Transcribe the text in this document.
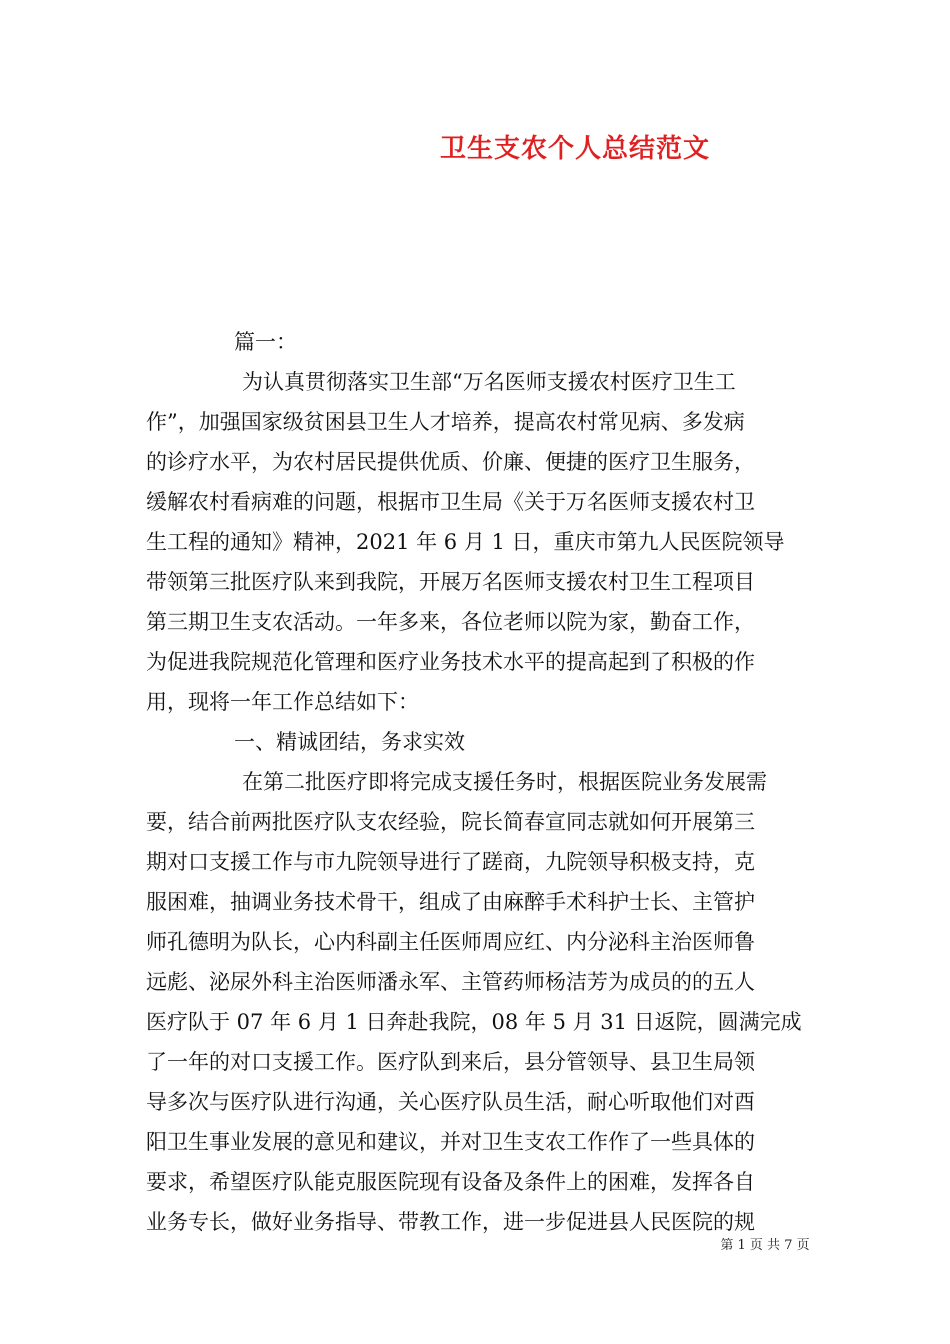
卫生支农个人总结范文
篇一：
为认真贯彻落实卫生部“万名医师支援农村医疗卫生工
作”，加强国家级贫困县卫生人才培养，提高农村常见病、多发病
的诊疗水平，为农村居民提供优质、价廉、便捷的医疗卫生服务，
缓解农村看病难的问题，根据市卫生局《关于万名医师支援农村卫
生工程的通知》精神，2021 年 6 月 1 日，重庆市第九人民医院领导
带领第三批医疗队来到我院，开展万名医师支援农村卫生工程项目
第三期卫生支农活动。一年多来，各位老师以院为家，勤奋工作，
为促进我院规范化管理和医疗业务技术水平的提高起到了积极的作
用，现将一年工作总结如下：
一、精诚团结，务求实效
在第二批医疗即将完成支援任务时，根据医院业务发展需
要，结合前两批医疗队支农经验，院长简春宣同志就如何开展第三
期对口支援工作与市九院领导进行了蹉商，九院领导积极支持，克
服困难，抽调业务技术骨干，组成了由麻醉手术科护士长、主管护
师孔德明为队长，心内科副主任医师周应红、内分泌科主治医师鲁
远彪、泌尿外科主治医师潘永军、主管药师杨洁芳为成员的的五人
医疗队于 07 年 6 月 1 日奔赴我院，08 年 5 月 31 日返院，圆满完成
了一年的对口支援工作。医疗队到来后，县分管领导、县卫生局领
导多次与医疗队进行沟通，关心医疗队员生活，耐心听取他们对酉
阳卫生事业发展的意见和建议，并对卫生支农工作作了一些具体的
要求，希望医疗队能克服医院现有设备及条件上的困难，发挥各自
业务专长，做好业务指导、带教工作，进一步促进县人民医院的规
第 1 页 共 7 页
